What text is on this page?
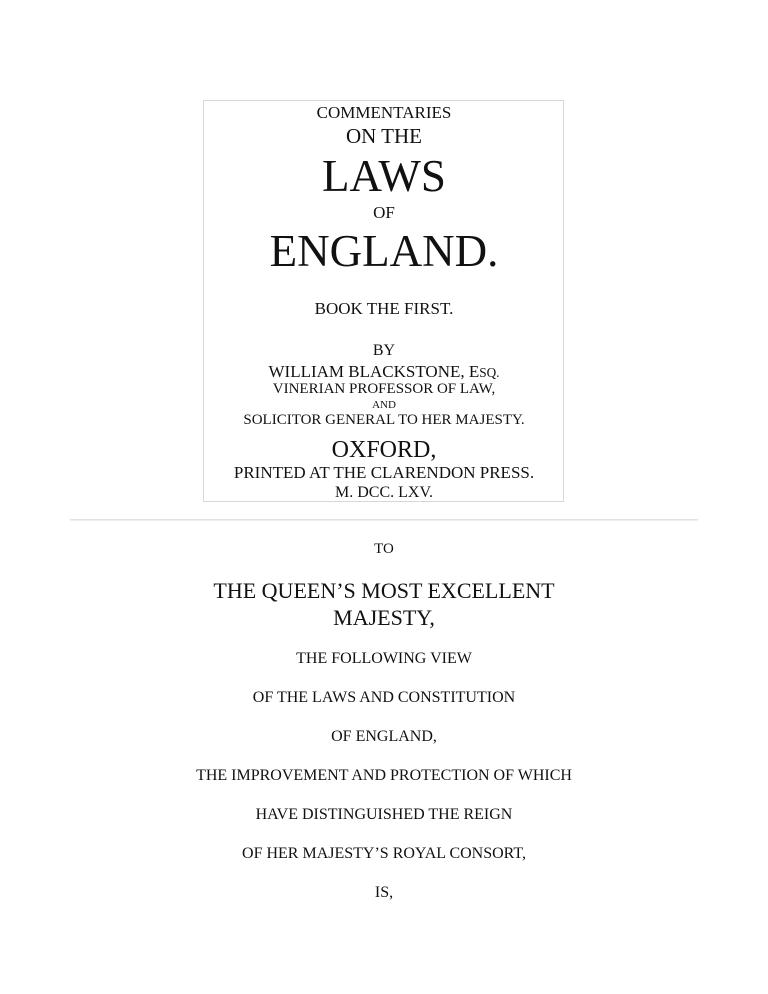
COMMENTARIES
ON THE
LAWS
OF
ENGLAND.
BOOK THE FIRST.
BY
WILLIAM BLACKSTONE, ESQ.
VINERIAN PROFESSOR OF LAW,
AND
SOLICITOR GENERAL TO HER MAJESTY.
OXFORD,
PRINTED AT THE CLARENDON PRESS.
M. DCC. LXV.
TO
THE QUEEN’S MOST EXCELLENT
MAJESTY,
THE FOLLOWING VIEW
OF THE LAWS AND CONSTITUTION
OF ENGLAND,
THE IMPROVEMENT AND PROTECTION OF WHICH
HAVE DISTINGUISHED THE REIGN
OF HER MAJESTY’S ROYAL CONSORT,
IS,
